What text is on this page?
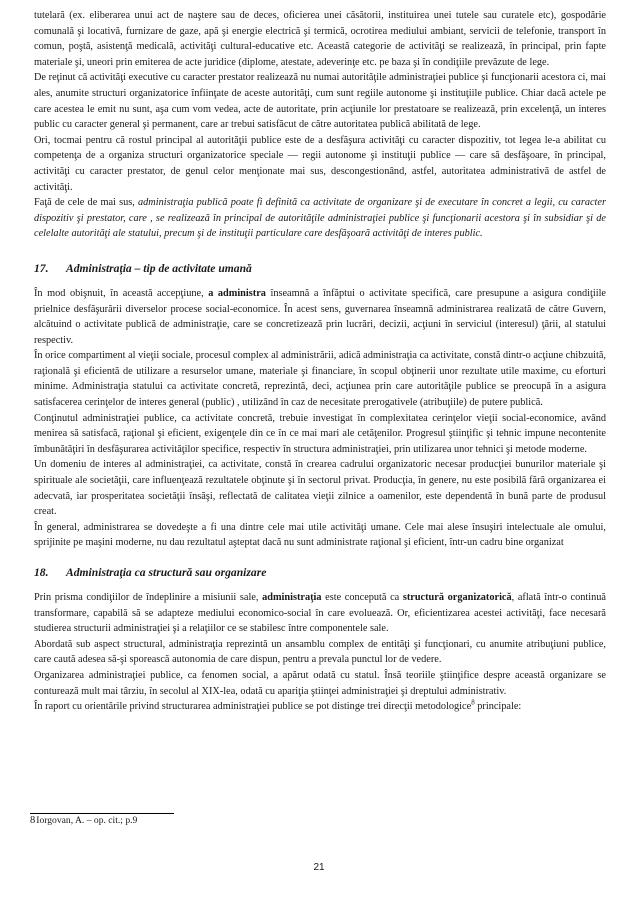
tutelară (ex. eliberarea unui act de naştere sau de deces, oficierea unei căsătorii, instituirea unei tutele sau curatele etc), gospodărie comunală şi locativă, furnizare de gaze, apă şi energie electrică şi termică, ocrotirea mediului ambiant, servicii de telefonie, transport în comun, poştă, asistenţă medicală, activităţi cultural-educative etc. Această categorie de activităţi se realizează, în principal, prin fapte materiale şi, uneori prin emiterea de acte juridice (diplome, atestate, adeverinţe etc. pe baza şi în condiţiile prevăzute de lege.

De reţinut că activităţi executive cu caracter prestator realizează nu numai autorităţile administraţiei publice şi funcţionarii acestora ci, mai ales, anumite structuri organizatorice înfiinţate de aceste autorităţi, cum sunt regiile autonome şi instituţiile publice. Chiar dacă actele pe care acestea le emit nu sunt, aşa cum vom vedea, acte de autoritate, prin acţiunile lor prestatoare se realizează, prin excelenţă, un interes public cu caracter general şi permanent, care ar trebui satisfăcut de către autoritatea publică abilitată de lege.

Ori, tocmai pentru că rostul principal al autorităţii publice este de a desfăşura activităţi cu caracter dispozitiv, tot legea le-a abilitat cu competenţa de a organiza structuri organizatorice speciale — regii autonome şi instituţii publice — care să desfăşoare, în principal, activităţi cu caracter prestator, de genul celor menţionate mai sus, descongestionând, astfel, autoritatea administrativă de astfel de activităţi.

Faţă de cele de mai sus, administraţia publică poate fi definită ca activitate de organizare şi de executare în concret a legii, cu caracter dispozitiv şi prestator, care , se realizează în principal de autorităţile administraţiei publice şi funcţionarii acestora şi în subsidiar şi de celelalte autorităţi ale statului, precum şi de instituţii particulare care desfăşoară activităţi de interes public.

17.	Administraţia – tip de activitate umană

În mod obişnuit, în această accepţiune, a administra înseamnă a înfăptui o activitate specifică, care presupune a asigura condiţiile prielnice desfăşurării diverselor procese social-economice. În acest sens, guvernarea înseamnă administrarea realizată de către Guvern, alcătuind o activitate publică de administraţie, care se concretizează prin lucrări, decizii, acţiuni în serviciul (interesul) ţării, al statului respectiv.

În orice compartiment al vieţii sociale, procesul complex al administrării, adică administraţia ca activitate, constă dintr-o acţiune chibzuită, raţională şi eficientă de utilizare a resurselor umane, materiale şi financiare, în scopul obţinerii unor rezultate utile maxime, cu eforturi minime. Administraţia statului ca activitate concretă, reprezintă, deci, acţiunea prin care autorităţile publice se preocupă în a asigura satisfacerea cerinţelor de interes general (public) , utilizând în caz de necesitate prerogativele (atribuţiile) de putere publică.

Conţinutul administraţiei publice, ca activitate concretă, trebuie investigat în complexitatea cerinţelor vieţii social-economice, având menirea să satisfacă, raţional şi eficient, exigenţele din ce în ce mai mari ale cetăţenilor. Progresul ştiinţific şi tehnic impune necontenite îmbunătăţiri în desfăşurarea activităţilor specifice, respectiv în structura administraţiei, prin utilizarea unor tehnici şi metode moderne.

Un domeniu de interes al administraţiei, ca activitate, constă în crearea cadrului organizatoric necesar producţiei bunurilor materiale şi spirituale ale societăţii, care influenţează rezultatele obţinute şi în sectorul privat. Producţia, în genere, nu este posibilă fără organizarea ei adecvată, iar prosperitatea societăţii însăşi, reflectată de calitatea vieţii zilnice a oamenilor, este dependentă în bună parte de produsul creat.

În general, administrarea se dovedeşte a fi una dintre cele mai utile activităţi umane. Cele mai alese însuşiri intelectuale ale omului, sprijinite pe maşini moderne, nu dau rezultatul aşteptat dacă nu sunt administrate raţional şi eficient, într-un cadru bine organizat

18.	Administraţia ca structură sau organizare

Prin prisma condiţiilor de îndeplinire a misiunii sale, administraţia este concepută ca structură organizatorică, aflată într-o continuă transformare, capabilă să se adapteze mediului economico-social în care evoluează. Or, eficientizarea acestei activităţi, face necesară studierea structurii administraţiei şi a relaţiilor ce se stabilesc între componentele sale.

Abordată sub aspect structural, administraţia reprezintă un ansamblu complex de entităţi şi funcţionari, cu anumite atribuţiuni publice, care caută adesea să-şi sporească autonomia de care dispun, pentru a prevala punctul lor de vedere.

Organizarea administraţiei publice, ca fenomen social, a apărut odată cu statul. Însă teoriile ştiinţifice despre această organizare se conturează mult mai târziu, în secolul al XIX-lea, odată cu apariţia ştiinţei administraţiei şi dreptului administrativ.

În raport cu orientările privind structurarea administraţiei publice se pot distinge trei direcţii metodologice$^8$ principale:

8Iorgovan, A. – op. cit.; p.9
21
